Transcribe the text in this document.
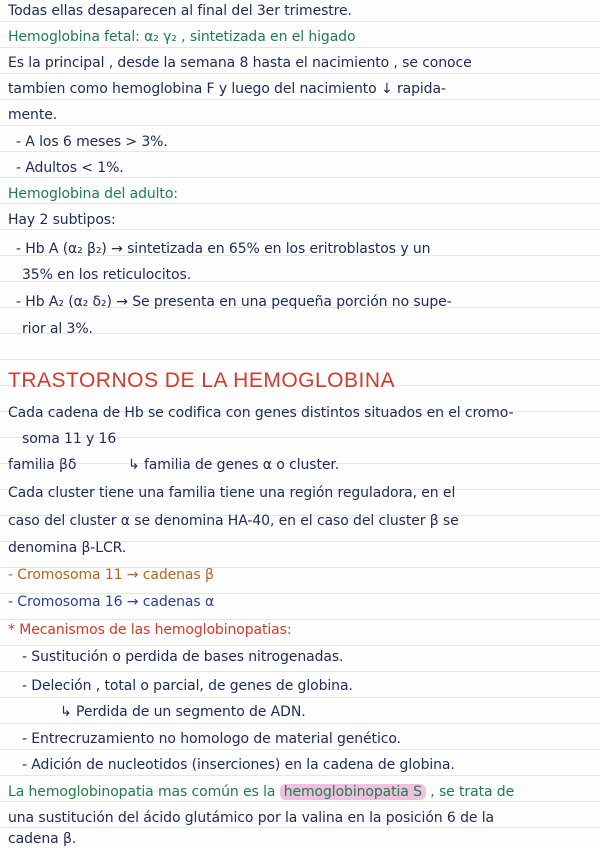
Todas ellas desaparecen al final del 3er trimestre.
Hemoglobina fetal: α₂ γ₂ , sintetizada en el higado
Es la principal , desde la semana 8 hasta el nacimiento , se conoce
tambien como hemoglobina F y luego del nacimiento ↓ rapida-
mente.
- A los 6 meses > 3%.
- Adultos < 1%.
Hemoglobina del adulto:
Hay 2 subtipos:
- Hb A (α₂ β₂) → sintetizada en 65% en los eritroblastos y un
35% en los reticulocitos.
- Hb A₂ (α₂ δ₂) → Se presenta en una pequeña porción no supe-
rior al 3%.
TRASTORNOS DE LA HEMOGLOBINA
Cada cadena de Hb se codifica con genes distintos situados en el cromo-
soma 11 y 16
familia βδ	↳ familia de genes α o cluster.
Cada cluster tiene una familia tiene una región reguladora, en el
caso del cluster α se denomina HA-40, en el caso del cluster β se
denomina β-LCR.
- Cromosoma 11 → cadenas β
- Cromosoma 16 → cadenas α
* Mecanismos de las hemoglobinopatias:
- Sustitución o perdida de bases nitrogenadas.
- Deleción , total o parcial, de genes de globina.
↳ Perdida de un segmento de ADN.
- Entrecruzamiento no homologo de material genético.
- Adición de nucleotidos (inserciones) en la cadena de globina.
La hemoglobinopatia mas común es la hemoglobinopatia S , se trata de
una sustitución del ácido glutámico por la valina en la posición 6 de la
cadena β.
